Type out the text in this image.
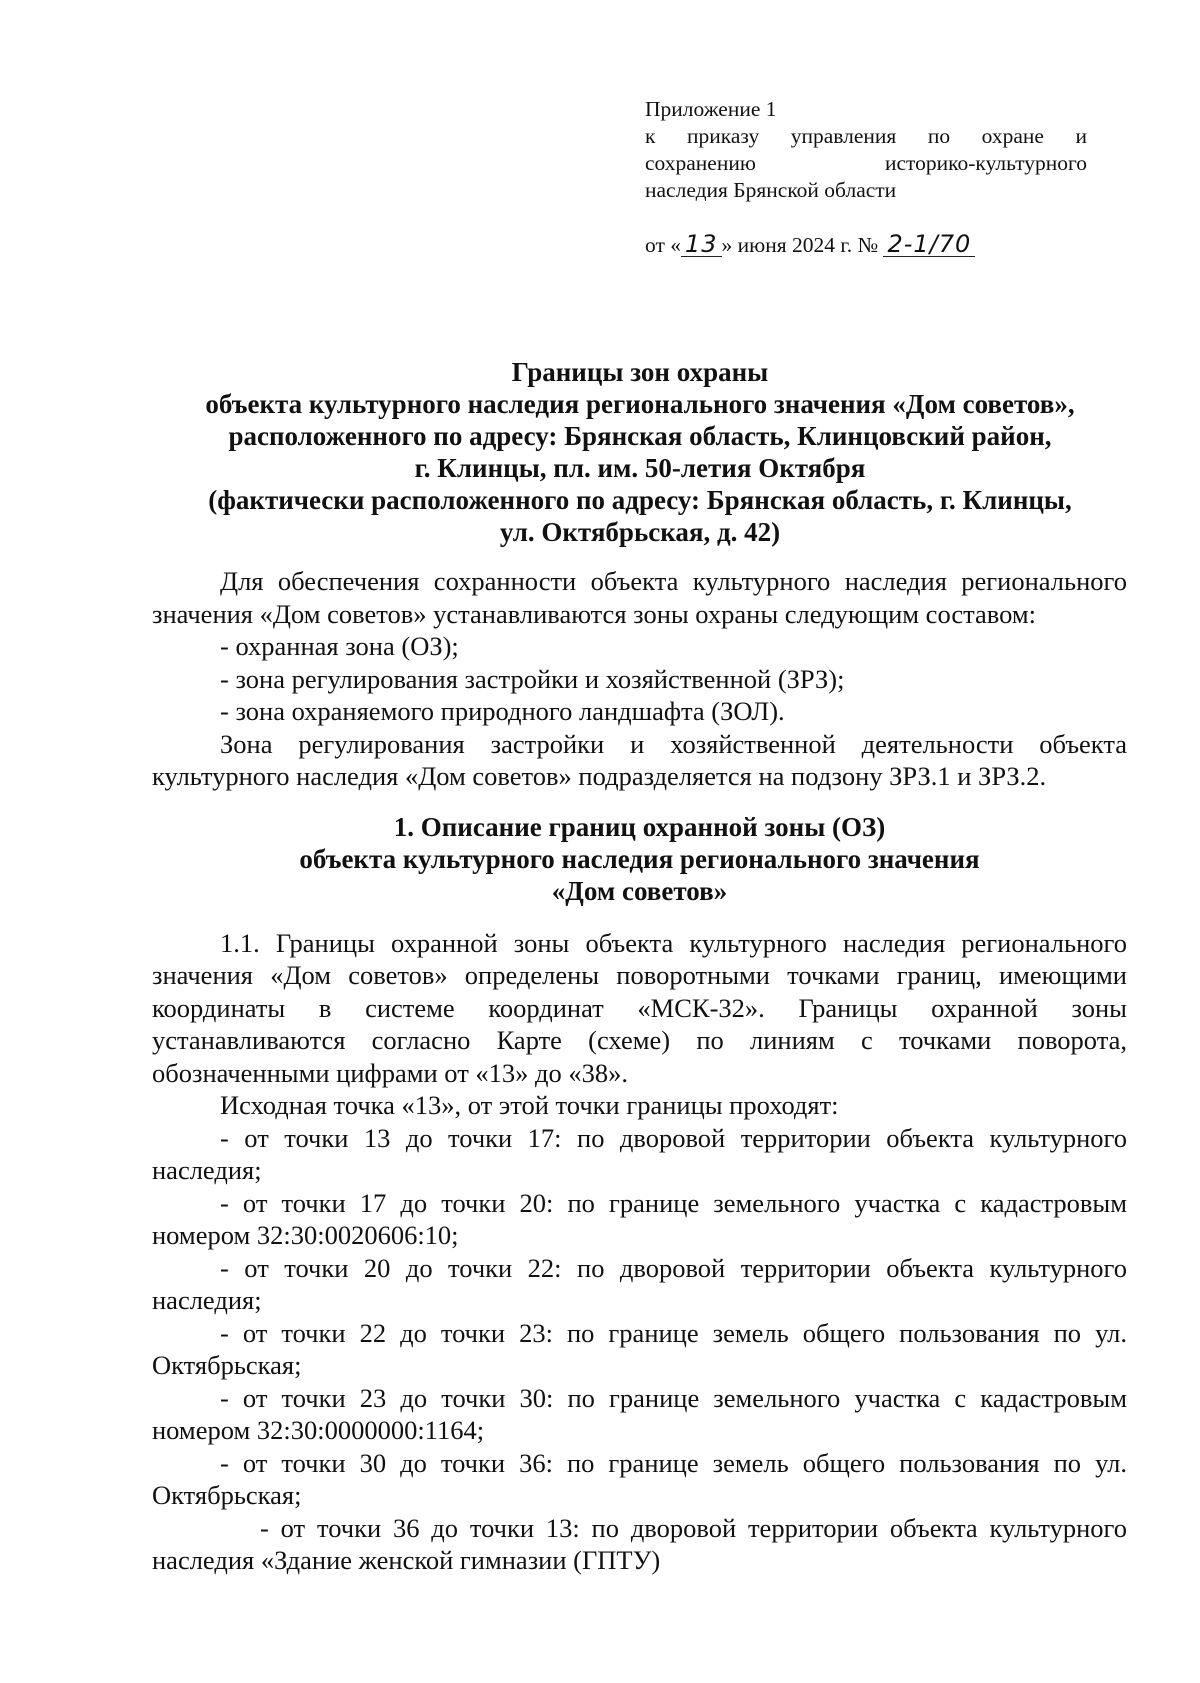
Приложение 1
к приказу управления по охране и
сохранению историко-культурного
наследия Брянской области
от « 13 » июня 2024 г. № 2-1/70
Границы зон охраны
объекта культурного наследия регионального значения «Дом советов»,
расположенного по адресу: Брянская область, Клинцовский район,
г. Клинцы, пл. им. 50-летия Октября
(фактически расположенного по адресу: Брянская область, г. Клинцы,
ул. Октябрьская, д. 42)

Для обеспечения сохранности объекта культурного наследия регионального значения «Дом советов» устанавливаются зоны охраны следующим составом:

- охранная зона (ОЗ);

- зона регулирования застройки и хозяйственной (ЗРЗ);

- зона охраняемого природного ландшафта (ЗОЛ).

Зона регулирования застройки и хозяйственной деятельности объекта культурного наследия «Дом советов» подразделяется на подзону ЗРЗ.1 и ЗРЗ.2.

1. Описание границ охранной зоны (ОЗ)
объекта культурного наследия регионального значения
«Дом советов»

1.1. Границы охранной зоны объекта культурного наследия регионального значения «Дом советов» определены поворотными точками границ, имеющими координаты в системе координат «МСК-32». Границы охранной зоны устанавливаются согласно Карте (схеме) по линиям с точками поворота, обозначенными цифрами от «13» до «38».

Исходная точка «13», от этой точки границы проходят:

- от точки 13 до точки 17: по дворовой территории объекта культурного наследия;

- от точки 17 до точки 20: по границе земельного участка с кадастровым номером 32:30:0020606:10;

- от точки 20 до точки 22: по дворовой территории объекта культурного наследия;

- от точки 22 до точки 23: по границе земель общего пользования по ул. Октябрьская;

- от точки 23 до точки 30: по границе земельного участка с кадастровым номером 32:30:0000000:1164;

- от точки 30 до точки 36: по границе земель общего пользования по ул. Октябрьская;

- от точки 36 до точки 13: по дворовой территории объекта культурного наследия «Здание женской гимназии (ГПТУ)
